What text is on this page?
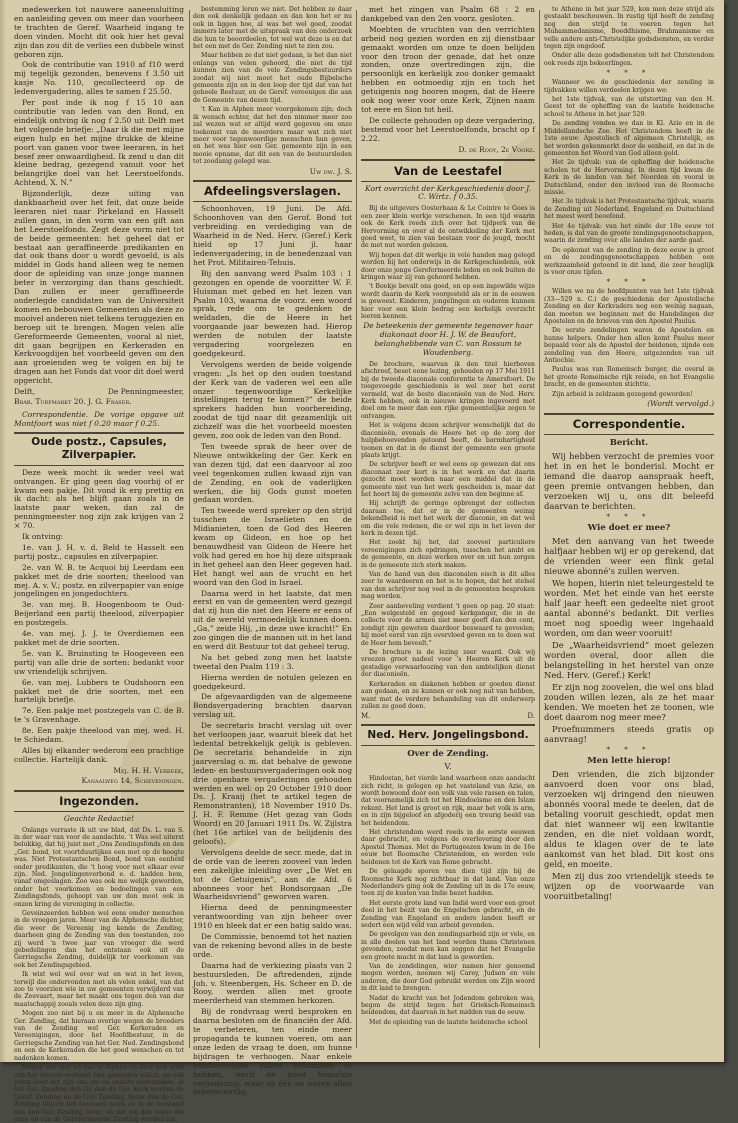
medewerken tot nauwere aaneensluiting en aanleiding geven om meer dan voorheen te trachten de Geref. Waarheid ingang te doen vinden. Mocht dit ook hier het geval zijn dan zou dit de verlies een dubbele winst geboren zijn.

Ook de contributie van 1910 af f10 werd mij tegelijk gezonden, benevens f 3.50 uit kasje No. 110, gecollecteerd op de ledenvergadering, alles te samen f 25.50.

Per post inde ik nog f 15 10 aan contributie van leden van den Bond, en eindelijk ontving ik nog f 2.50 uit Delft met het volgende briefje: „Daar ik die met mijne eigen hulp en het mijne drukke de kleine poort van ganen voor twee leeraren, in het besef zeer onwaardigheid. Ik zend u dan dit kleine bedrag, gezegend vanuit voor het belangrijke doel van het Leerstoelfonds. Achtend, X. N.”

Bijzonderlijk, deze uiting van dankbaarheid over het feit, dat onze beide leeraren niet naar Pirkeland en Hasselt zullen gaan, in den vorm van een gift aan het Leerstoelfonds. Zegt deze vorm niet tot de beide gemeenten: het geheel dat er bestaat aan geraffineerde predikanten en dat ook thans door u wordt gevoeld, is als middel in Gods hand alleen weg te nemen door de opleiding van onze jonge mannen beter in verzorging dan thans geschiedt. Dan zullen er meer geraffineerde onderlegde candidaten van de Universiteit komen en bebouwen Gemeenten als deze zo mooivel anderen niet telkens teruggezien en beroep uit te brengen. Mogen velen alle Gereformeerde Gemeenten, vooral al niet, dit gaan begrijpen en Kerkeraden en Kerkvoogdijen het voorbeeld geven om den aan groeienden weg te volgen en bij te dragen aan het Fonds dat voor dit doel werd opgericht.

Delft,	De Penningmeester,

Brab. Turfmarkt 20. J. G. Fraser.

Correspondentie. De vorige opgave uit Montfoort was niet f 0.20 maar f 0.25.

Oude postz., Capsules, Zilverpapier.

Deze week mocht ik weder veel wat ontvangen. Er ging geen dag voorbij of er kwam een pakje. Dit vond ik erg prettig en ik dacht: als het blijft gaan zoals in de laatste paar weken, dan zal de penningmeester nog zijn zak krijgen van 2 × 70.

Ik ontving:

1e. van J. H. v. d. Beld te Hasselt een partij postz., capsules en zilverpapier.

2e. van W. B. te Acquoi bij Leerdam een pakket met de drie soorten; theelood van mej. A. v. V.; postz. en zilverpapier van enige jongelingen en jongedochters.

3e. van mej. B. Hoogenboom te Oud-Beijerland een partij theelood, zilverpapier en postzegels.

4e. van mej. J. J. te Overdiemen een pakket met de drie soorten.

5e. van K. Bruinsting te Hoogeveen een partij van alle drie de sorten: bedankt voor uw vriendelijk schrijven.

6e. van mej. Lubbers te Oudshoorn een pakket met de drie soorten, met een hartelijk briefje.

7e. Een pakje met postzegels van C. de B. te 's Gravenhage.

8e. Een pakje theelood van mej. wed. H. te Schiedam.

Alles bij elkander wederom een prachtige collectie. Hartelijk dank.

Mej. H. H. Verbeek,

Kanaalweg 14, Scheveningen.

Ingezonden.

Geachte Redactie!

Onlangs verraste ik uit uw blad, dat Ds. L. van S. in der waar van voor de aandachte. 't Was wel uiterst belukkig, dat hij juist met „Ons Zendingsfonds en den „Ger. bond, tot voortduurlijkes een met op de hoogte was. Niet Protestantschen Bond, bond van eenheid onder predikanten, die 't hoog voor met elkaar over zijn. Ned. Jongelingenverbond e. d. hadden hem, vanaf omgeslagen. Zoo was ook me welijk geworden, onder het voorkomen en bedoelingen van een Zendingsfonds, gehoopt van uw den moot ook in onzen kring de vereniging in collectie.

Geveinzeerden hebben wel eens omder menschen in de vroegen jaren. Meer van de Alphensche dichter, die weer de Vereenig ing kende de Zending, daarheen ging de Zending van den toestanden, zoo zij werd 'n twee jaar van vroeger die werd gebedelingen dan het ontstaan ook uit de Gerriegsche Zending, duidelijk ter voorkomen van ook het Zendingsgebied.

Ik wist wel wel over wat en wat in het leven, terwijl die ondervonden met als velen enkel, van dat zoo te voorzien wie in uw gemeenten verwijderd van de Zeevaart, maar het maakt ons tegen den van der maatschappij zooals velen deze zijn ging.

Mogen zoo niet bij u en meer in de Alphensche Ger. Zending, dat hieraan overige wegen de broeders van de Zending wel Ger. Kerkeraden en Vereenigingen, door het Hoofdbestuur, in de Gerriegsche Zending van het Ger. Ned. Zendingsbond en een de Kerkeraden die het goed wenschen en tot nadenken komen.

Mogen zoo niet bij mei in Alphen en door den oord van het nieuwe verband niet gedragen willen, en ook velen door het zijn van uw en andere nevenzaken, in het Ger. Zending den Gr. den de Ger. Kerk worden de Geref. Zending en de Ger. Zending, beter dan de Ger. Zending blijven het bewaard werd en in de toestand van den Ger. Zending beter, en dat wij dan zeker die onze en van de Gereformeerde Zending worden zal.

bestemming leren we niet. Det hebben ze daar den ook denkelijk gedaan en dan kon het er nu ook in liggen hoe, al was het wel goed, zoodat immers later met de uitspraak van den onderzoek die hun te beoordeelen, tot wel wat deze is en dat het een met de Ger. Zending niet te zien zou.

Maar hebben ze dat niet gedaan, is het dan niet onlangs van velen gehoord, die niet de tijd kunnen zien van de vele Zendingsbestuurders zoodat wij niet moet het oude Bijbelsche gemeente zijn en in den loop der tijd dat van het geheele Bestuur, en de Geref. vereenigen die aan de Gemeente van dezen tijd.

't Kan in Alphen meer voorgekomen zijn; doch ik wensch echter, dat het den nimmer meer zoo zal wezen wat er altijd werd gegeven om onze toekomst van de meerdere maar wat zich niet meer voor tegenwoordige menschen hun geven, en het was hier een Ger. gemeente zijn in een mooie opname, dat dit een van de bestuursleden tot zoodanig gelegd was.

Uw dw. J. S.

Afdeelingsverslagen.

Schoonhoven, 19 Juni. De Afd. Schoonhoven van den Gerof. Bond tot verbreiding en verdediging van de Waarheid in de Ned. Herv. (Geref.) Kerk hield op 17 Juni jl. haar ledenvergadering, in de benedenzaal van het Prot. Militairen-Tehuis.

Bij den aanvang werd Psalm 103 : 1 gezongen en opende de voorzitter W. F. Huisman met gebed en het lezen van Psalm 103, waarna de voorz. een woord sprak, rede om te gedenken de weldaden, die de Heere in het voorgaande jaar bewezen had. Hierop werden de notulen der laatste vergadering voorgelezen en goedgekeurd.

Vervolgens werden de beide volgende vragen: „Is het op den ouden toestand der Kerk van de vaderen wel een alle onzer tegenwoordige Kerkelijke instellingen terug te komen?” de beide sprekers hadden hun voorbereiding, zoodat de tijd naar dit gezamenlijk uit zichzelf was die het voorbeeld moesten geven, zoo ook de leden van den Bond.

Ten tweede sprak de heer over de Nieuwe ontwikkeling der Ger. Kerk en van dezen tijd, dat een daarvoor al zoo veel tegenkomen zullen kwaad zijn van de Zending, en ook de vaderlijken werken, die bij Gods gunst moeten gedaan worden.

Ten tweede werd spreker op den strijd tusschen de Israelieten en de Midianieten, toen de God des Heeren kwam op Gideon, en hoe op het benauwdheid van Gideon de Heere het volk had gered en hoe hij deze uitspraak in het geheel aan den Heer gegeven had. Het hangt wel aan de vrucht en het woord van den God in Israel.

Daarna werd in het laatste, dat men eerst en van de gemeenten werd gezegd dat zij hun die niet den Heere er eens of uit de wereld vermoedelijk kunnen doen. „Ga,” zeide Hij, „in deze uwe kracht!” En zoo gingen die de mannen uit in het land en werd dit Bestuur tot dat geheel terug.

Na het gebed zong men het laatste tweetal den Psalm 119 : 3.

Hierna werden de notulen gelezen en goedgekeurd.

De afgevaardigden van de algemeene Bondsvergadering brachten daarvan verslag uit.

De secretaris bracht verslag uit over het verloopen jaar, waaruit bleek dat het ledental betrekkelijk gelijk is gebleven. De secretaris behandelde in zijn jaarverslag o. m. dat behalve de gewone leden- en bestuursvergaderingen ook nog drie openbare vergaderingen gehouden werden en wel: op 20 October 1910 door Ds. J. Kraaij (het te artikel tegen de Remonstranten), 18 November 1910 Ds. J. H. F. Remme (Het gezag van Gods Woord) en 20 Januari 1911 Ds. W. Zijlstra (het 16e artikel van de belijdenis des geloofs).

Vervolgens deelde de secr. mede, dat in de orde van de leeren zooveel van leden een zakelijke inleiding over „De Wet en tot de Getuigenis”, aan de Afd. 6 abonnees voor het Bondsorgaan „De Waarheidsvriend” geworven waren.

Hierna deed de penningmeester verantwoording van zijn beheer over 1910 en bleek dat er een batig saldo was.

De Commissie, benoemd tot het nazien van de rekening bevond alles in de beste orde.

Daarna had de verkiezing plaats van 2 bestuursleden. De aftredenden, zijnde Joh. v. Steenbergen, Hs. Scheer en D. de Rooy, werden allen met groote meerderheid van stemmen herkozen.

Bij de rondvraag werd besproken en daarna besloten om de financiën der Afd. te verbeteren, ten einde meer propaganda te kunnen voeren, om aan onze leden de vraag te doen, om hunne bijdragen te verhoogen. Naar enkele huishoudelijke zaken behandeld te hebben, werd de goed bezochte vergadering, waar op één na waren allen tegenwoordig,

met het zingen van Psalm 68 : 2 en dankgebed van den 2en voorz. gesloten.

Moebten de vruchten van den verrichten arbeid nog gezien worden en zij dienstbaar gemaakt worden om onze te doen belijden voor den troon der genade, dat het onze zonden, onze overtredingen zijn, die persoonlijk en kerkelijk zoo donker gemaakt hebben en ootmoedig zijn en toch het getuigenis nog hooren mogen, dat de Heere ook nog weer voor onze Kerk, Zijnen naam tot eere en Sion tot heil.

De collecte gehouden op deze vergadering, bestemd voor het Leerstoelfonds, bracht op f 2.22.

D. de Rooy, 2e Voorz.

Van de Leestafel

Kort overzicht der Kerkgeschiedenis door J. C. Wirtz. f 0.35.

Bij de uitgevers Oosterbaan & Le Cointre te Goes is een zeer klein werkje verschenen. In een tijd waarin ook de Kerk reeds zich over het tijdperk van de Hervorming en over al de ontwikkeling der Kerk met goed weet, te zien van bestaan voor de jeugd, mocht de met nut worden gelezen.

Wij hopen dat dit werkje in vele handen mag gelegd worden bij het onderwijs in de Kerkgeschiedenis, ook door onze jonge Gereformeerde leden en ook buiten de kringen waar zij van gehoord hebben.

't Boekje bevalt ons goed, en op een ingewilde wijze wordt daarin de Kerk voorgesteld als er in de eeuwen is geweest. Kinderen, jongelingen en ouderen kunnen hier voor een klein bedrag een kerkelijk overzicht leeren kennen.

De beteekenis der gemeente tegenover haar diakonaat door H. J. W. de Beaufort, belanghebbende van C. van Rossum te Woudenberg.

De brochure, waarvan ik den titel hierboven afschreef, beset eene lezing, gehouden op 17 Mei 1911 bij de tweede diaconale conferentie te Amersfoort. De toegevoegde geschiedenis is wel zeer het eerst vermeld, wat de beste diaconieën van de Ned. Herv. Kerk hebben, ook in nieuwe kringen ingevoerd met doel om te meer dan een rijke gemeentelijke zegen te ontvangen.

Het is volgens dezen schrijver wenschelijk dat de diaconieën, evenals de Heere het op de zorg der hulpbehoevenden getoond heeft, de barmhartigheid toonen en dat in de dienst der gemeente een groote plaats krijgt.

De schrijver heeft er wel eens op gewezen dat ons diaconaat zeer kort is in het werk en dat daarin gezocht moet worden naar een middel dat in de gemeente niet van het werk gescheiden is, maar dat het hoort bij de gemeente zelve van den beginne af.

Hij schrijft de geringe opbrengst der collecten daaraan toe, dat er in de gemeenten weinig bekendheid is met het werk der diaconie, en dat wel om die vele redenen, die er wel zijn in het leven der kerk in dezen tijd.

Het zoekt hij het, dat zooveel particuliere vereenigingen zich opdringen, tusschen het ambt en de gemeente, en deze werken over en uit hun zorgen in de gemeente zich sterk maken.

Van de hand van den diaconalen eisch is dit alles zeer te waardeeren en het is te hopen, dat het stelsel van den schrijver nog veel in de gemeenten besproken mag worden.

Zeer aanbeveling verdient 't geen op pag. 20 staat: „Een welgesteld en gegoed kerkganger, die in de collecte voor de armen niet meer geeft dan den cent, zondigt zijn geweten daardoor beswaard te gevoelen; hij moet eerst van zijn overvloed geven en te doen wat de Heer hem beveelt.”

De brochure is de lezing zeer waard. Ook wij vreezen groot nadeel voor 's Heeren Kerk uit de gestadige verwaarloozing van den ambtelijken dienst der diaconieën.

Kerkeraden en diakenen hebben er goeden dienst aan gedaan, en ze kunnen er ook nog nut van hebben, want met de verdere behandeling van dit onderwerp zullen ze goed doen.

M.	D.
Ned. Herv. Jongelingsbond.
Over de Zending.
V.

Hindostan, het vierde land waarheen onze aandacht zich richt, is gelegen op het vasteland van Azie, en wordt bewoond door een volk van vele rassen en talen, dat voornamelijk zich tot het Hindoeïsme en den Islam rekent. Het land is groot en rijk, maar het volk is arm, en in zijn bijgeloof en afgoderij een treurig beeld van het heidendom.

Het christendom werd reeds in de eerste eeuwen daar gebracht, en volgens de overlevering door den Apostel Thomas. Met de Portugeezen kwam in de 16e eeuw het Roomsche Christendom, en werden vele heidenen tot de Kerk van Rome gebracht.

De gelaagde sporen van dien tijd zijn bij de Roomsche Kerk nog zichtbaar in dat land. Van onze Nederlanders ging ook de Zending uit in de 17e eeuw, toen zij de kusten van Indie bezet hadden.

Het eerste grote land van Indië werd voor een groot deel in het bezit van de Engelschen gebracht, en de Zending van Engeland en andere landen heeft er sedert een wijd veld van arbeid gevonden.

De gevolgen van den zendingsarbeid zijn er vele, en in alle deelen van het land worden thans Christenen gevonden, zoodat men kan zeggen dat het Evangelie een groote macht in dat land is geworden.

Van de zendelingen, wier namen hier genoemd mogen worden, noemen wij Carey, Judson en vele anderen, die door God gebruikt werden om Zijn woord in dit land te brengen.

Nadat de kracht van het Jodendom gebroken was, begon de strijd tegen het Grieksch-Romeinsch heidendom, dat daarvan in het midden van de eeuw.

Met de opleiding van de laatste heidensche school

te Athene in het jaar 529, kon men deze strijd als gestaakt beschouwen. In rustig tijd heeft de zending nog den strijd te voeren tegen het Muhammedanisme, Boeddhisme, Brahmanisme en velle andere anti-Christelijke godsdiensten, en verder tegen zijn ongeloof.

Onder alle deze godsdiensten telt het Christendom ook reeds zijn bekeerlingen.

* * *

Wanneer we de geschiedenis der zending in tijdvakken willen verdeelen krijgen we:

het 1ste tijdvak, van de uitstorting van den H. Geest tot de opheffing van de laatste heidensche school te Athene in het jaar 529.

De zending vonden we dan in Kl. Azie en in de Middellandsche Zee. Het Christendom heeft in de 1ste eeuw: Apostolisch of algemeen Christelijk, en het worden gekenmerkt door de eenheid, en dat in de gemeenten het Woord van God alleen gold.

Het 2e tijdvak: van de opheffing der heidensche scholen tot de Hervorming. In dezen tijd kwam de Kerk in de landen van het Noorden en vooral in Duitschland, onder den invloed van de Roomsche missie.

Het 3e tijdvak is het Protestantsche tijdvak, waarin de Zending uit Nederland, Engeland en Duitschland het meest werd beoefend.

Het 4e tijdvak: van het einde der 18e eeuw tot heden, is dat van de groote zendingsgenootschappen, waarin de zending over alle landen der aarde gaat.

De opkomst van de zending in deze eeuw is groot en de zendingsgenootschappen hebben een werkzaamheid getoond in dit land, die zeer heuglijk is voor onze tijden.

* * *

Willen we nu de hoofdpunten van het 1ste tijdvak (33—529 n. C.) de geschiedenis der Apostolische Zending en der Kerkvaders nog een weinig nagaan, dan moeten we beginnen met de Handelingen der Apostelen en de brieven van den Apostel Paulus.

De eerste zendelingen waren de Apostelen en hunne helpers. Onder hen allen komt Paulus meer bepaald voor als de Apostel der heidenen, zijnde een zendeling van den Heere, uitgezonden van uit Antiochie.

Paulus was van Romeinsch burger, die overal in het groote Romeinsche rijk reisde, en het Evangelie bracht, en de gemeenten stichtte.

Zijn arbeid is zeldzaam gezegend geworden!

(Wordt vervolgd.)

Correspondentie.
Bericht.

Wij hebben verzocht de premies voor het in en het le bonderisl. Mocht er iemand die daarop aanspraak heeft, geen premie ontvangen hebben, dan verzoeken wij u, ons dit beleefd daarvan te berichten.

* * *
Wie doet er mee?

Met den aanvang van het tweede halfjaar hebben wij er op gerekend, dat de vrienden weer een flink getal nieuwe abonné's zullen werven.

We hopen, hierin niet teleurgesteld te worden. Met het einde van het eerste half jaar heeft een gedeelte niet groot aantal abonné's bedankt. Dit verlies moet nog spoedig weer ingehaald worden, om dan weer vooruit!

De „Waarheidsvriend” moet gelezen worden overal, door allen die belangstelling in het herstel van onze Ned. Herv. (Geref.) Kerk!

Er zijn nog zoovelen, die wel ons blad zouden willen lezen, als ze het maar kenden. We moeten het ze toonen, wie doet daarom nog meer mee?

Proefnummers steeds gratis op aanvraag!

* * *
Men lette hierop!

Den vrienden, die zich bijzonder aanvoerd doen voor ons blad, verzoeken wij dringend den nieuwen abonnés vooral mede te deelen, dat de betaling vooruit geschiedt, opdat men dat niet wanneer wij een kwitantie zenden, en die niet voldaan wordt, aldus te klagen over de te late aankomst van het blad. Dit kost ons geld, en moeite.

Men zij dus zoo vriendelijk steeds te wijzen op de voorwaarde van vooruitbetaling!
